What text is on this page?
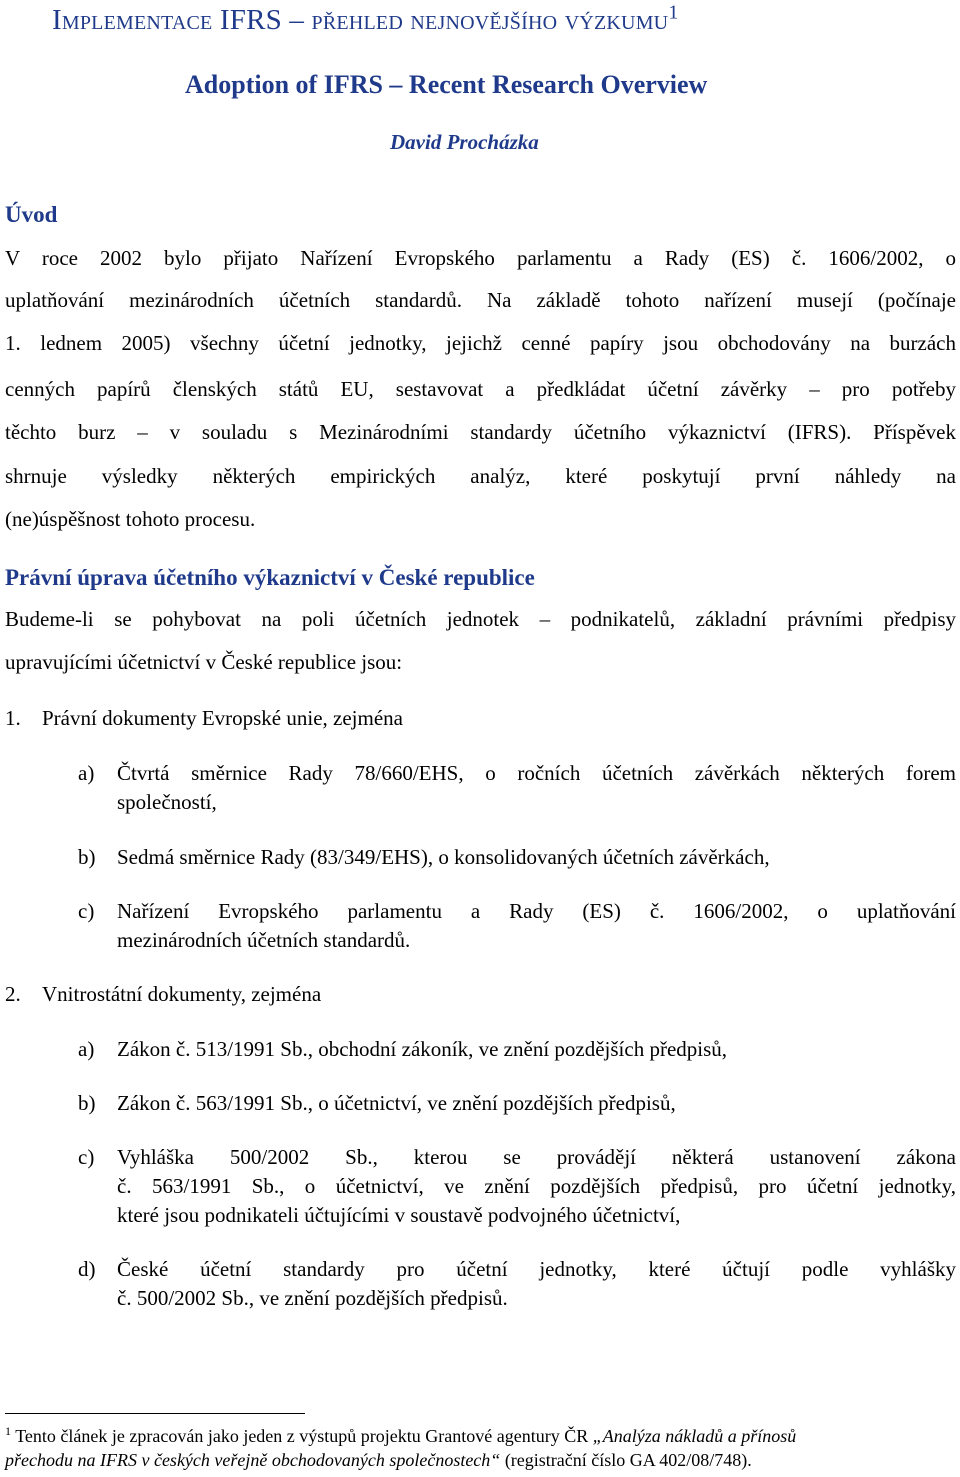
Implementace IFRS – přehled nejnovějšího výzkumu$^1$
Adoption of IFRS – Recent Research Overview
David Procházka
Úvod
V roce 2002 bylo přijato Nařízení Evropského parlamentu a Rady (ES) č. 1606/2002, o
uplatňování mezinárodních účetních standardů. Na základě tohoto nařízení musejí (počínaje
1. lednem 2005) všechny účetní jednotky, jejichž cenné papíry jsou obchodovány na burzách
cenných papírů členských států EU, sestavovat a předkládat účetní závěrky – pro potřeby
těchto burz – v souladu s Mezinárodními standardy účetního výkaznictví (IFRS). Příspěvek
shrnuje výsledky některých empirických analýz, které poskytují první náhledy na
(ne)úspěšnost tohoto procesu.
Právní úprava účetního výkaznictví v České republice
Budeme-li se pohybovat na poli účetních jednotek – podnikatelů, základní právními předpisy
upravujícími účetnictví v České republice jsou:
1. Právní dokumenty Evropské unie, zejména
a) Čtvrtá směrnice Rady 78/660/EHS, o ročních účetních závěrkách některých forem
společností,
b) Sedmá směrnice Rady (83/349/EHS), o konsolidovaných účetních závěrkách,
c) Nařízení Evropského parlamentu a Rady (ES) č. 1606/2002, o uplatňování
mezinárodních účetních standardů.
2. Vnitrostátní dokumenty, zejména
a) Zákon č. 513/1991 Sb., obchodní zákoník, ve znění pozdějších předpisů,
b) Zákon č. 563/1991 Sb., o účetnictví, ve znění pozdějších předpisů,
c) Vyhláška 500/2002 Sb., kterou se provádějí některá ustanovení zákona
č. 563/1991 Sb., o účetnictví, ve znění pozdějších předpisů, pro účetní jednotky,
které jsou podnikateli účtujícími v soustavě podvojného účetnictví,
d) České účetní standardy pro účetní jednotky, které účtují podle vyhlášky
č. 500/2002 Sb., ve znění pozdějších předpisů.
$^1$ Tento článek je zpracován jako jeden z výstupů projektu Grantové agentury ČR „Analýza nákladů a přínosů
přechodu na IFRS v českých veřejně obchodovaných společnostech“ (registrační číslo GA 402/08/748).
